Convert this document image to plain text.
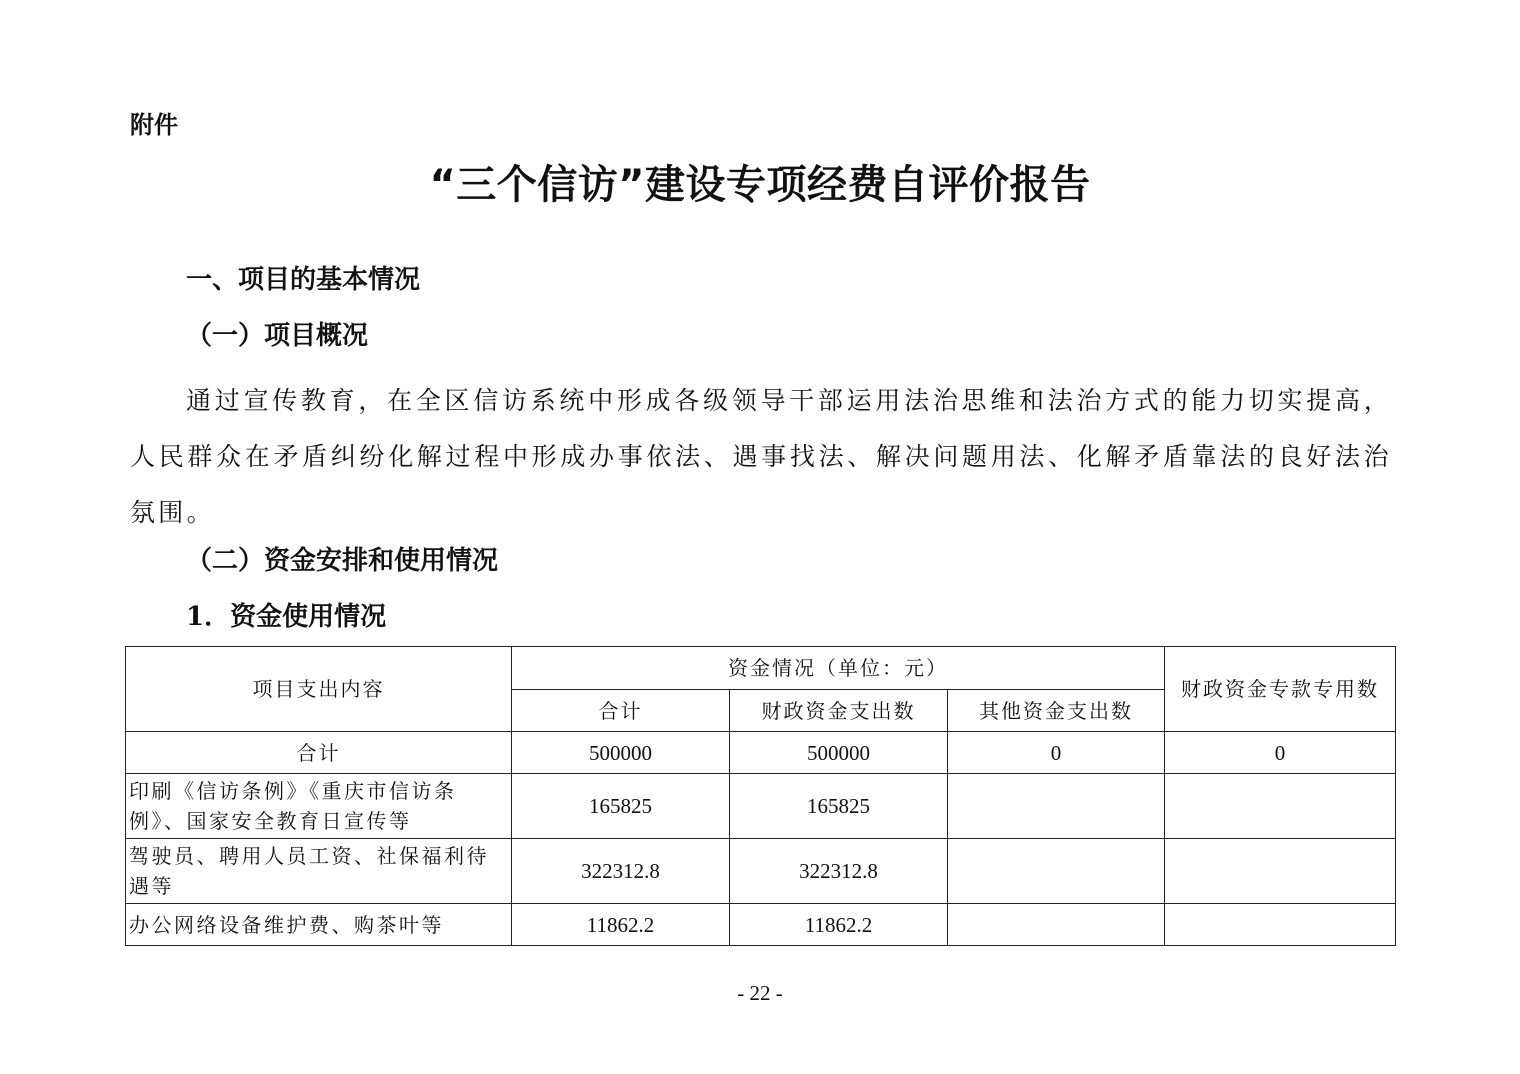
附件
“三个信访”建设专项经费自评价报告
一、项目的基本情况
（一）项目概况
通过宣传教育，在全区信访系统中形成各级领导干部运用法治思维和法治方式的能力切实提高，人民群众在矛盾纠纷化解过程中形成办事依法、遇事找法、解决问题用法、化解矛盾靠法的良好法治氛围。
（二）资金安排和使用情况
1．资金使用情况
项目支出内容	资金情况（单位：元）			财政资金专款专用数
	合计	财政资金支出数	其他资金支出数	
合计	500000	500000	0	0
印刷《信访条例》《重庆市信访条例》、国家安全教育日宣传等	165825	165825		
驾驶员、聘用人员工资、社保福利待遇等	322312.8	322312.8		
办公网络设备维护费、购茶叶等	11862.2	11862.2		
- 22 -
